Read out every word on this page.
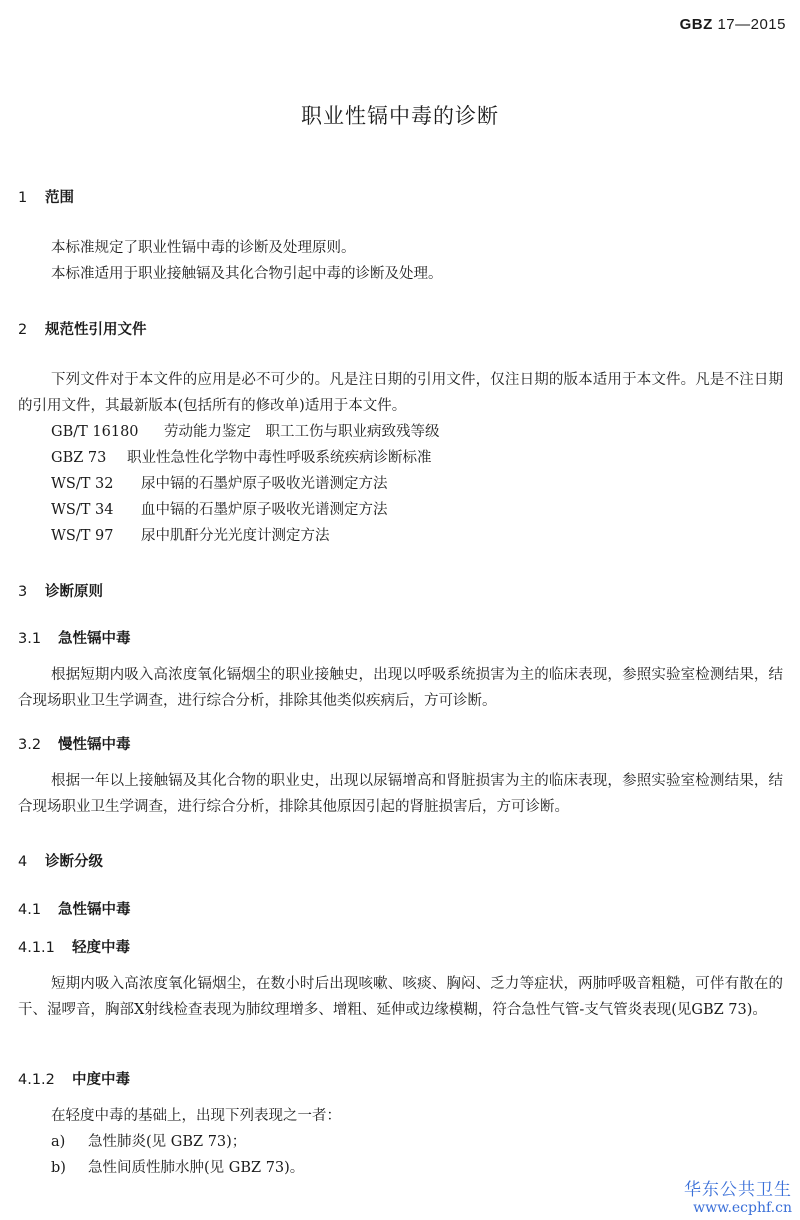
GBZ 17—2015
职业性镉中毒的诊断
1 范围
本标准规定了职业性镉中毒的诊断及处理原则。
本标准适用于职业接触镉及其化合物引起中毒的诊断及处理。
2 规范性引用文件
下列文件对于本文件的应用是必不可少的。凡是注日期的引用文件，仅注日期的版本适用于本文件。凡是不注日期的引用文件，其最新版本(包括所有的修改单)适用于本文件。
GB/T 16180 劳动能力鉴定　职工工伤与职业病致残等级
GBZ 73 职业性急性化学物中毒性呼吸系统疾病诊断标准
WS/T 32 尿中镉的石墨炉原子吸收光谱测定方法
WS/T 34 血中镉的石墨炉原子吸收光谱测定方法
WS/T 97 尿中肌酐分光光度计测定方法
3 诊断原则
3.1 急性镉中毒
根据短期内吸入高浓度氧化镉烟尘的职业接触史，出现以呼吸系统损害为主的临床表现，参照实验室检测结果，结合现场职业卫生学调查，进行综合分析，排除其他类似疾病后，方可诊断。
3.2 慢性镉中毒
根据一年以上接触镉及其化合物的职业史，出现以尿镉增高和肾脏损害为主的临床表现，参照实验室检测结果，结合现场职业卫生学调查，进行综合分析，排除其他原因引起的肾脏损害后，方可诊断。
4 诊断分级
4.1 急性镉中毒
4.1.1 轻度中毒
短期内吸入高浓度氧化镉烟尘，在数小时后出现咳嗽、咳痰、胸闷、乏力等症状，两肺呼吸音粗糙，可伴有散在的干、湿啰音，胸部X射线检查表现为肺纹理增多、增粗、延伸或边缘模糊，符合急性气管-支气管炎表现(见GBZ 73)。
4.1.2 中度中毒
在轻度中毒的基础上，出现下列表现之一者：
a) 急性肺炎(见 GBZ 73)；
b) 急性间质性肺水肿(见 GBZ 73)。
华东公共卫生
www.ecphf.cn
